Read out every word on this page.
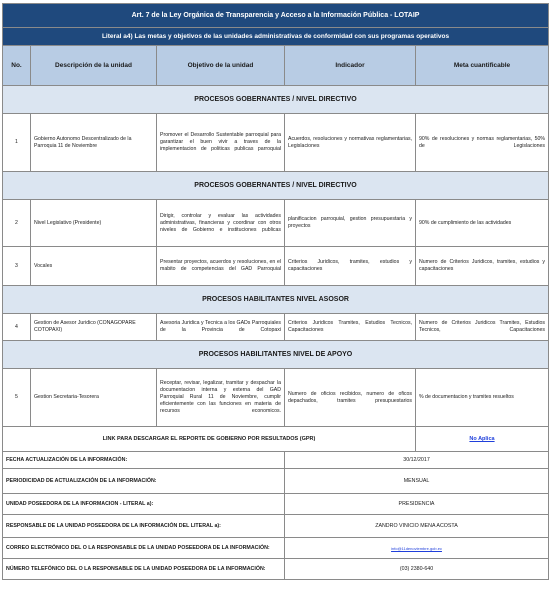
Art. 7 de la Ley Orgánica de Transparencia y Acceso a la Información Pública - LOTAIP				
Literal a4) Las metas y objetivos de las unidades administrativas de conformidad con sus programas operativos				
No.	Descripción de la unidad	Objetivo de la unidad	Indicador	Meta cuantificable
PROCESOS GOBERNANTES / NIVEL DIRECTIVO				
1	Gobierno Autonomo Descentralizado de la Parroquia 11 de Noviembre	Promover el Desarrollo Sustentable parroquial para garantizar el buen vivir a traves de la implementacion de politicas publicas parroquial	Acuerdos, resoluciones y normativas reglamentarias, Legislaciones	90% de resoluciones y normas reglamentarias, 50% de Legislaciones
PROCESOS GOBERNANTES / NIVEL DIRECTIVO				
2	Nivel Legislativo (Presidente)	Dirigir, controlar y evaluar las actividades administrativas, financieras y coordinar con otros niveles de Gobierno e instituciones publicas	planificacion parroquial, gestion presupuestaria y proyectos	90% de cumplimiento de las actividades
3	Vocales	Presentar proyectos, acuerdos y resoluciones, en el mabito de competencias del GAD Parroquial	Criterios Juridicos, tramites, estudios y capacitaciones	Numero de Criterios Juridicos, tramites, estudios y capacitaciones
PROCESOS HABILITANTES NIVEL ASOSOR				
4	Gestion de Asesor Juridico (CONAGOPARE COTOPAXI)	Asesoria Juridica y Tecnica a los GADs Parroquiales de la Provincia de Cotopaxi	Criterios Juridicos Tramites, Estudios Tecnicos, Capacitaciones	Numero de Criterios Juridicos Tramites, Estudios Tecnicos, Capacitaciones
PROCESOS HABILITANTES NIVEL DE APOYO				
5	Gestion Secretaria-Tesorera	Receptar, revisar, legalizar, tramitar y despachar la documentacion interna y externa del GAD Parroquial Rural 11 de Noviembre, cumplir eficientemente con las funciones en materia de recursos economicos.	Numero de oficios recibidos, numero de oficos depachados, tramites presupuestarios	% de documentacion y tramites resueltos
LINK PARA DESCARGAR EL REPORTE DE GOBIERNO POR RESULTADOS (GPR)				No Aplica
FECHA ACTUALIZACIÓN DE LA INFORMACIÓN:			30/12/2017	
PERIODICIDAD DE ACTUALIZACIÓN DE LA INFORMACIÓN:			MENSUAL	
UNIDAD POSEEDORA DE LA INFORMACION - LITERAL a):			PRESIDENCIA	
RESPONSABLE DE LA UNIDAD POSEEDORA DE LA INFORMACIÓN DEL LITERAL a):			ZANDRO VINICIO MENA ACOSTA	
CORREO ELECTRÓNICO DEL O LA RESPONSABLE DE LA UNIDAD POSEEDORA DE LA INFORMACIÓN:			info@11denoviembre.gob.ec	
NÚMERO TELEFÓNICO DEL O LA RESPONSABLE DE LA UNIDAD POSEEDORA DE LA INFORMACIÓN:			(03) 2380-640	
